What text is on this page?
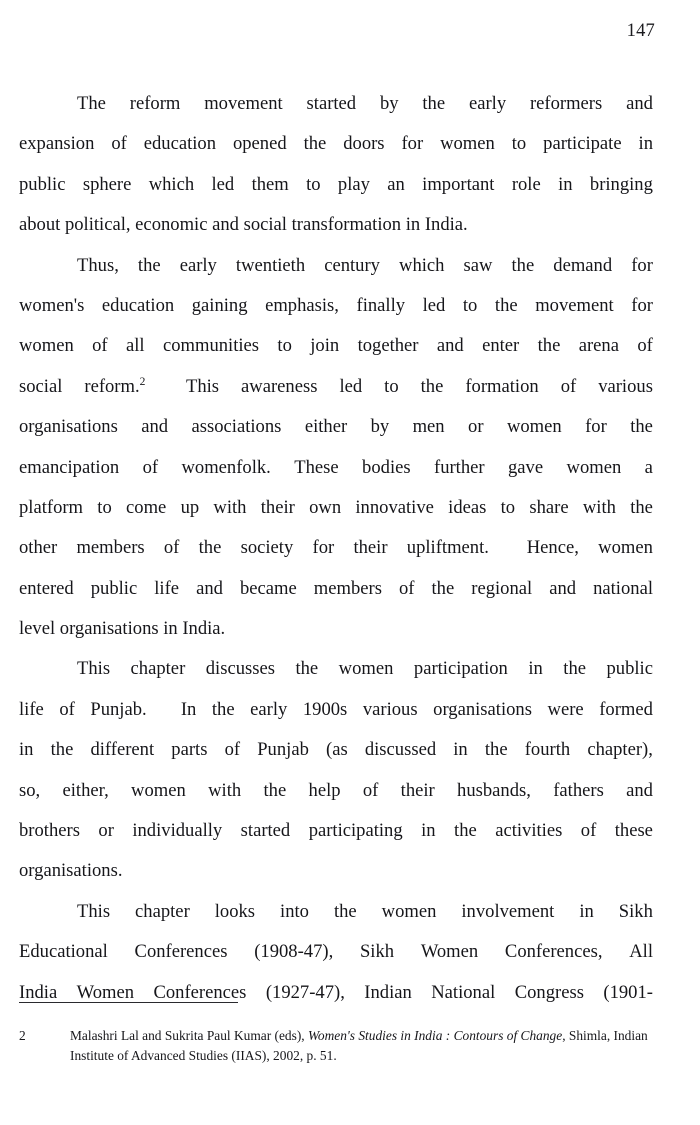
147

The reform movement started by the early reformers and
expansion of education opened the doors for women to participate in
public sphere which led them to play an important role in bringing
about political, economic and social transformation in India.

Thus, the early twentieth century which saw the demand for
women's education gaining emphasis, finally led to the movement for
women of all communities to join together and enter the arena of
social reform.$^2$  This awareness led to the formation of various
organisations and associations either by men or women for the
emancipation of womenfolk. These bodies further gave women a
platform to come up with their own innovative ideas to share with the
other members of the society for their upliftment.  Hence, women
entered public life and became members of the regional and national
level organisations in India.

This chapter discusses the women participation in the public
life of Punjab.  In the early 1900s various organisations were formed
in the different parts of Punjab (as discussed in the fourth chapter),
so, either, women with the help of their husbands, fathers and
brothers or individually started participating in the activities of these
organisations.

This chapter looks into the women involvement in Sikh
Educational Conferences (1908-47), Sikh Women Conferences, All
India Women Conferences (1927-47), Indian National Congress (1901-

2	Malashri Lal and Sukrita Paul Kumar (eds), Women's Studies in India : Contours of Change, Shimla, Indian Institute of Advanced Studies (IIAS), 2002, p. 51.
